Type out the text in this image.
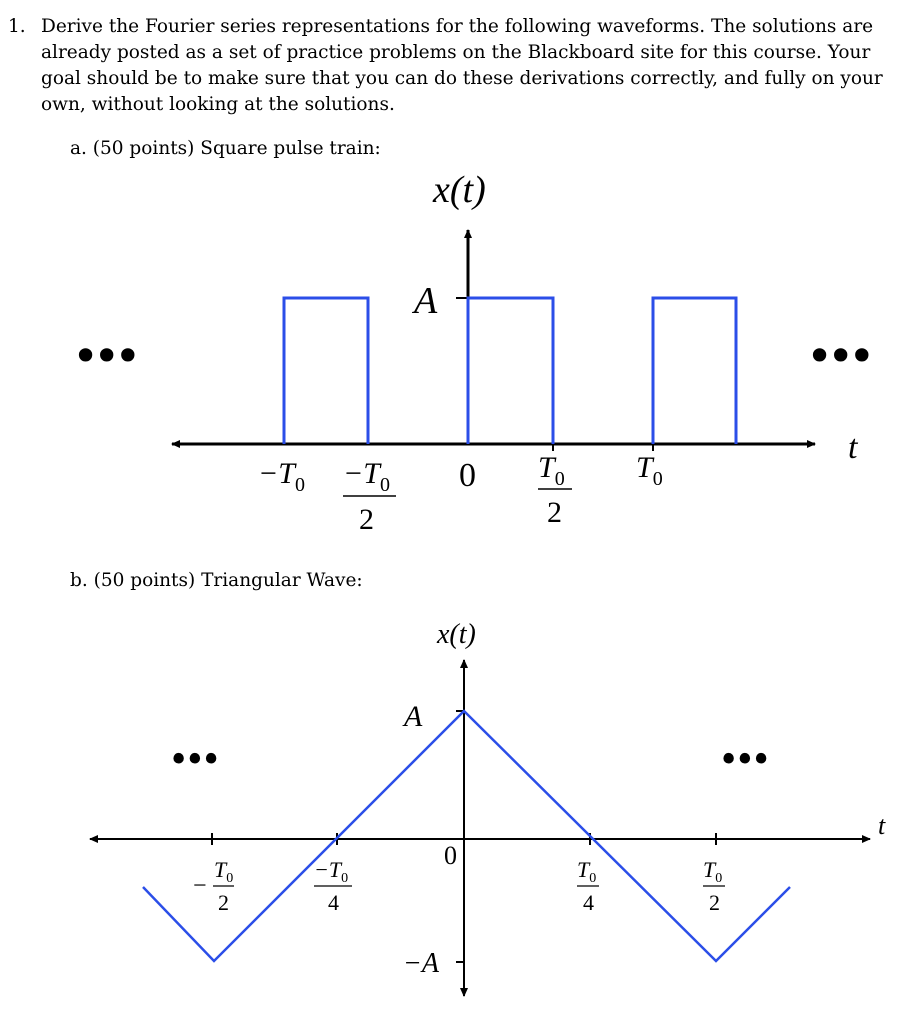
1. Derive the Fourier series representations for the following waveforms. The solutions are already posted as a set of practice problems on the Blackboard site for this course. Your goal should be to make sure that you can do these derivations correctly, and fully on your own, without looking at the solutions.
a. (50 points) Square pulse train:
b. (50 points) Triangular Wave:
x(t)
A
t
•••	•••
$-T_0 -T_0$
2
0 $T_0$
2
$T_0$
x(t)
A
−A
t
•••	•••
0
−
$T_0$
2
$-T_0$
4
$T_0$
4
$T_0$
2
